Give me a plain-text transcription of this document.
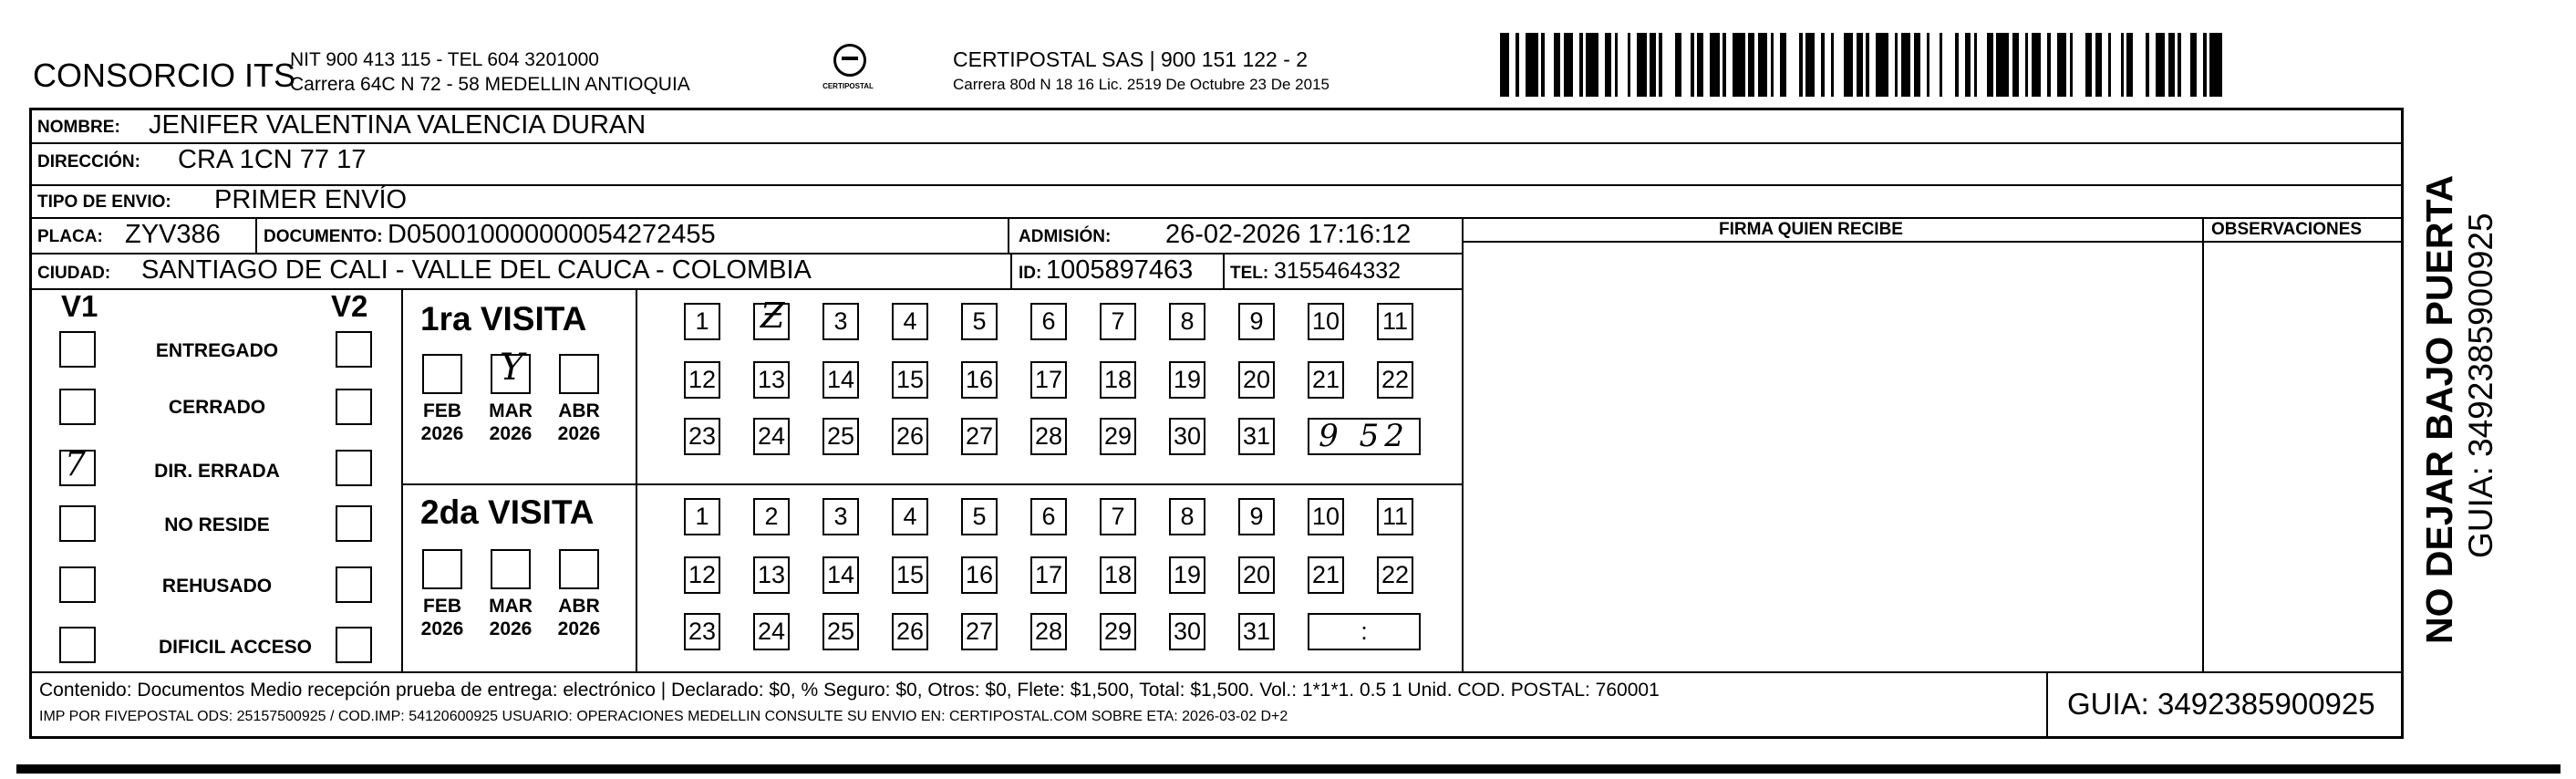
CONSORCIO ITS
NIT 900 413 115 - TEL 604 3201000
Carrera 64C N 72 - 58 MEDELLIN ANTIOQUIA	CERTIPOSTAL
CERTIPOSTAL SAS | 900 151 122 - 2
Carrera 80d N 18 16 Lic. 2519 De Octubre 23 De 2015
NOMBRE: JENIFER VALENTINA VALENCIA DURAN
DIRECCIÓN: CRA 1CN 77 17
TIPO DE ENVIO: PRIMER ENVÍO
PLACA: ZYV386 DOCUMENTO: D050010000000054272455	ADMISIÓN: 26-02-2026 17:16:12
CIUDAD: SANTIAGO DE CALI - VALLE DEL CAUCA - COLOMBIA	ID: 1005897463 TEL: 3155464332
FIRMA QUIEN RECIBE	OBSERVACIONES
V1	V2
ENTREGADO
CERRADO
7	DIR. ERRADA
NO RESIDE
REHUSADO
DIFICIL ACCESO
1ra VISITA
FEB
2026
Y
MAR
2026
ABR
2026
1	Ƶ	3	4	5	6	7	8	9	10 11
12 13 14 15 16 17 18 19 20 21 22
23 24 25 26 27 28 29 30 31	9 52
2da VISITA
FEB
2026
MAR
2026
ABR
2026
1	2	3	4	5	6	7	8	9	10 11
12 13 14 15 16 17 18 19 20 21 22
23 24 25 26 27 28 29 30 31	:
Contenido: Documentos Medio recepción prueba de entrega: electrónico | Declarado: $0, % Seguro: $0, Otros: $0, Flete: $1,500, Total: $1,500. Vol.: 1*1*1. 0.5 1 Unid. COD. POSTAL: 760001
IMP POR FIVEPOSTAL ODS: 25157500925 / COD.IMP: 54120600925 USUARIO: OPERACIONES MEDELLIN CONSULTE SU ENVIO EN: CERTIPOSTAL.COM SOBRE ETA: 2026-03-02 D+2	GUIA: 3492385900925
NO DEJAR BAJO PUERTA GUIA: 3492385900925
